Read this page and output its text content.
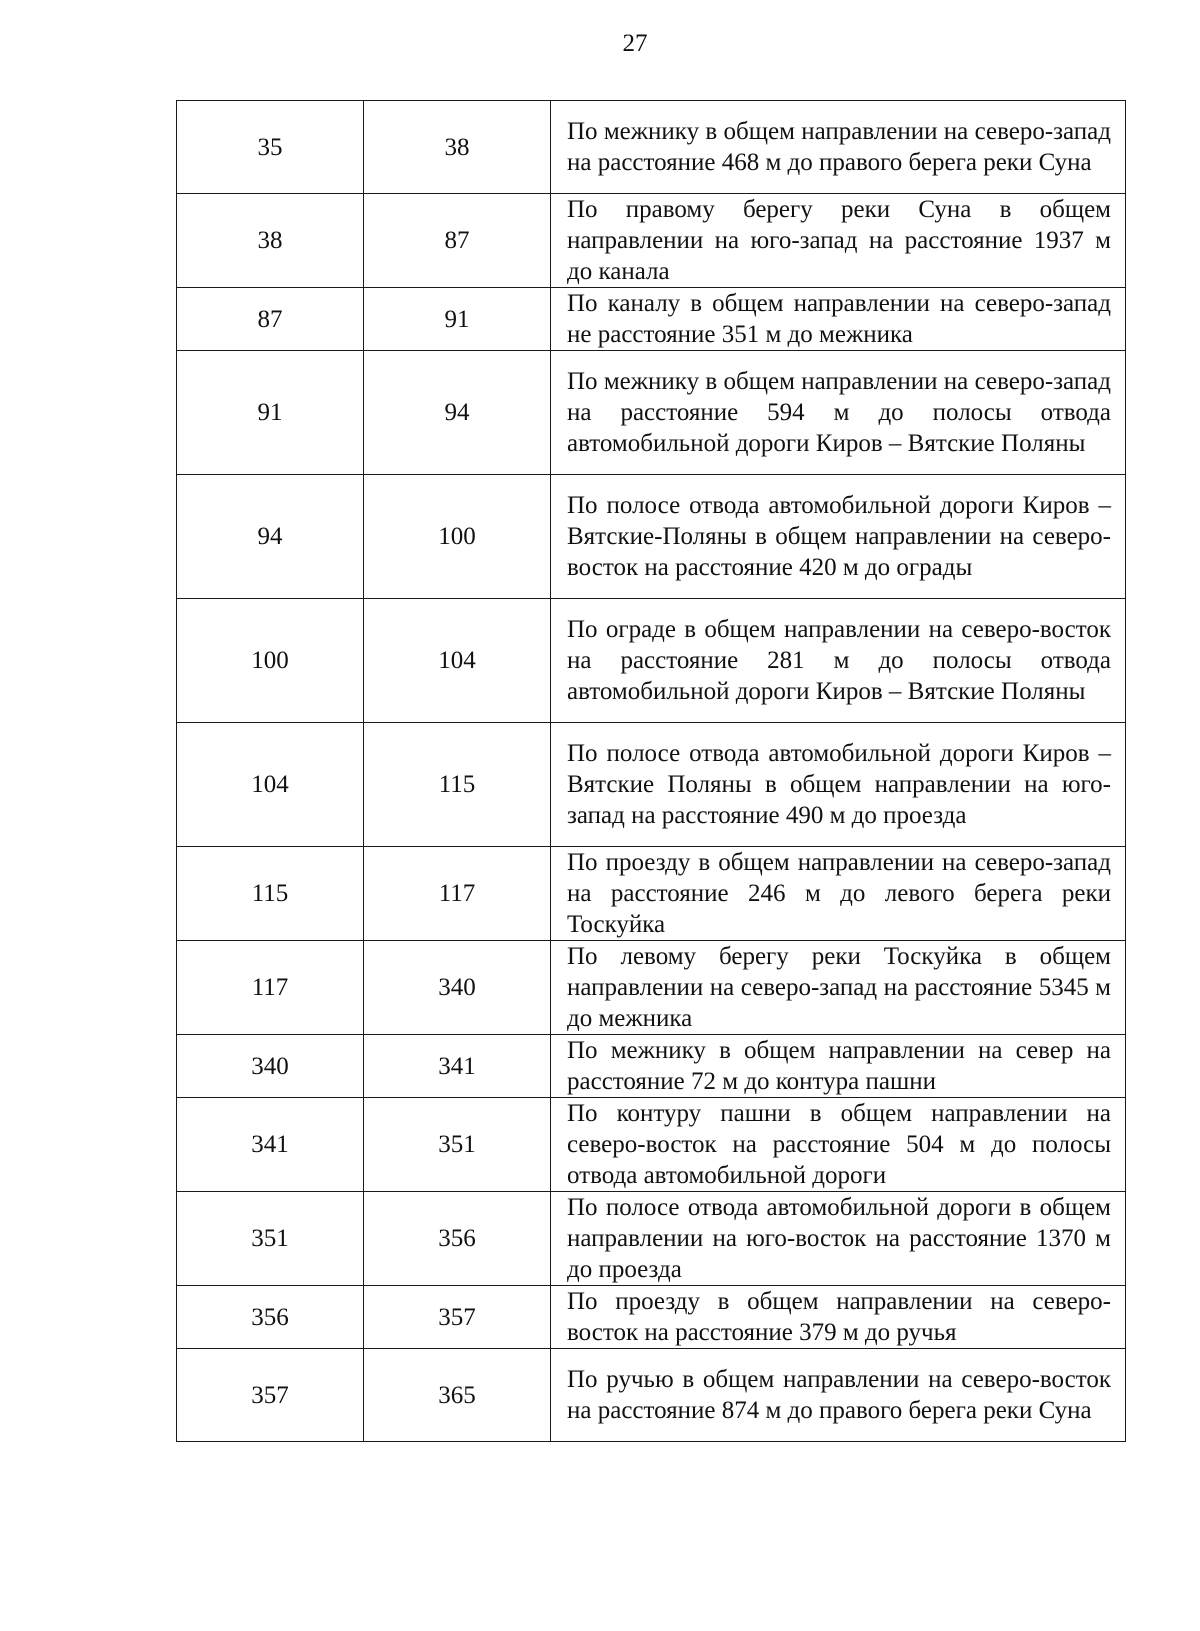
27
35	38	По межнику в общем направлении на северо-запад на расстояние 468 м до правого берега реки Суна
38	87	По правому берегу реки Суна в общем направлении на юго-запад на расстояние 1937 м до канала
87	91	По каналу в общем направлении на северо-запад не расстояние 351 м до межника
91	94	По межнику в общем направлении на северо-запад на расстояние 594 м до полосы отвода автомобильной дороги Киров – Вятские Поляны
94	100	По полосе отвода автомобильной дороги Киров – Вятские-Поляны в общем направлении на северо-восток на расстояние 420 м до ограды
100	104	По ограде в общем направлении на северо-восток на расстояние 281 м до полосы отвода автомобильной дороги Киров – Вятские Поляны
104	115	По полосе отвода автомобильной дороги Киров – Вятские Поляны в общем направлении на юго-запад на расстояние 490 м до проезда
115	117	По проезду в общем направлении на северо-запад на расстояние 246 м до левого берега реки Тоскуйка
117	340	По левому берегу реки Тоскуйка в общем направлении на северо-запад на расстояние 5345 м до межника
340	341	По межнику в общем направлении на север на расстояние 72 м до контура пашни
341	351	По контуру пашни в общем направлении на северо-восток на расстояние 504 м до полосы отвода автомобильной дороги
351	356	По полосе отвода автомобильной дороги в общем направлении на юго-восток на расстояние 1370 м до проезда
356	357	По проезду в общем направлении на северо-восток на расстояние 379 м до ручья
357	365	По ручью в общем направлении на северо-восток на расстояние 874 м до правого берега реки Суна
